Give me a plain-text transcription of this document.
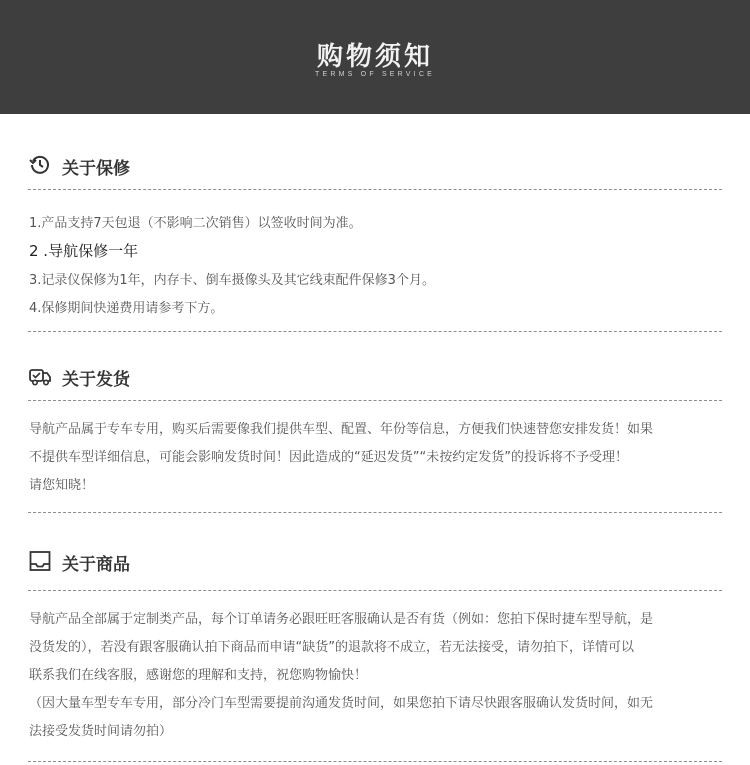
购物须知
TERMS OF SERVICE
关于保修
1.产品支持7天包退（不影响二次销售）以签收时间为准。
2 .导航保修一年
3.记录仪保修为1年，内存卡、倒车摄像头及其它线束配件保修3个月。
4.保修期间快递费用请参考下方。
关于发货
导航产品属于专车专用，购买后需要像我们提供车型、配置、年份等信息，方便我们快速替您安排发货！如果
不提供车型详细信息，可能会影响发货时间！因此造成的“延迟发货”“未按约定发货”的投诉将不予受理！
请您知晓！
关于商品
导航产品全部属于定制类产品，每个订单请务必跟旺旺客服确认是否有货（例如：您拍下保时捷车型导航，是
没货发的），若没有跟客服确认拍下商品而申请“缺货”的退款将不成立，若无法接受，请勿拍下，详情可以
联系我们在线客服，感谢您的理解和支持，祝您购物愉快！
（因大量车型专车专用，部分冷门车型需要提前沟通发货时间，如果您拍下请尽快跟客服确认发货时间，如无
法接受发货时间请勿拍）
